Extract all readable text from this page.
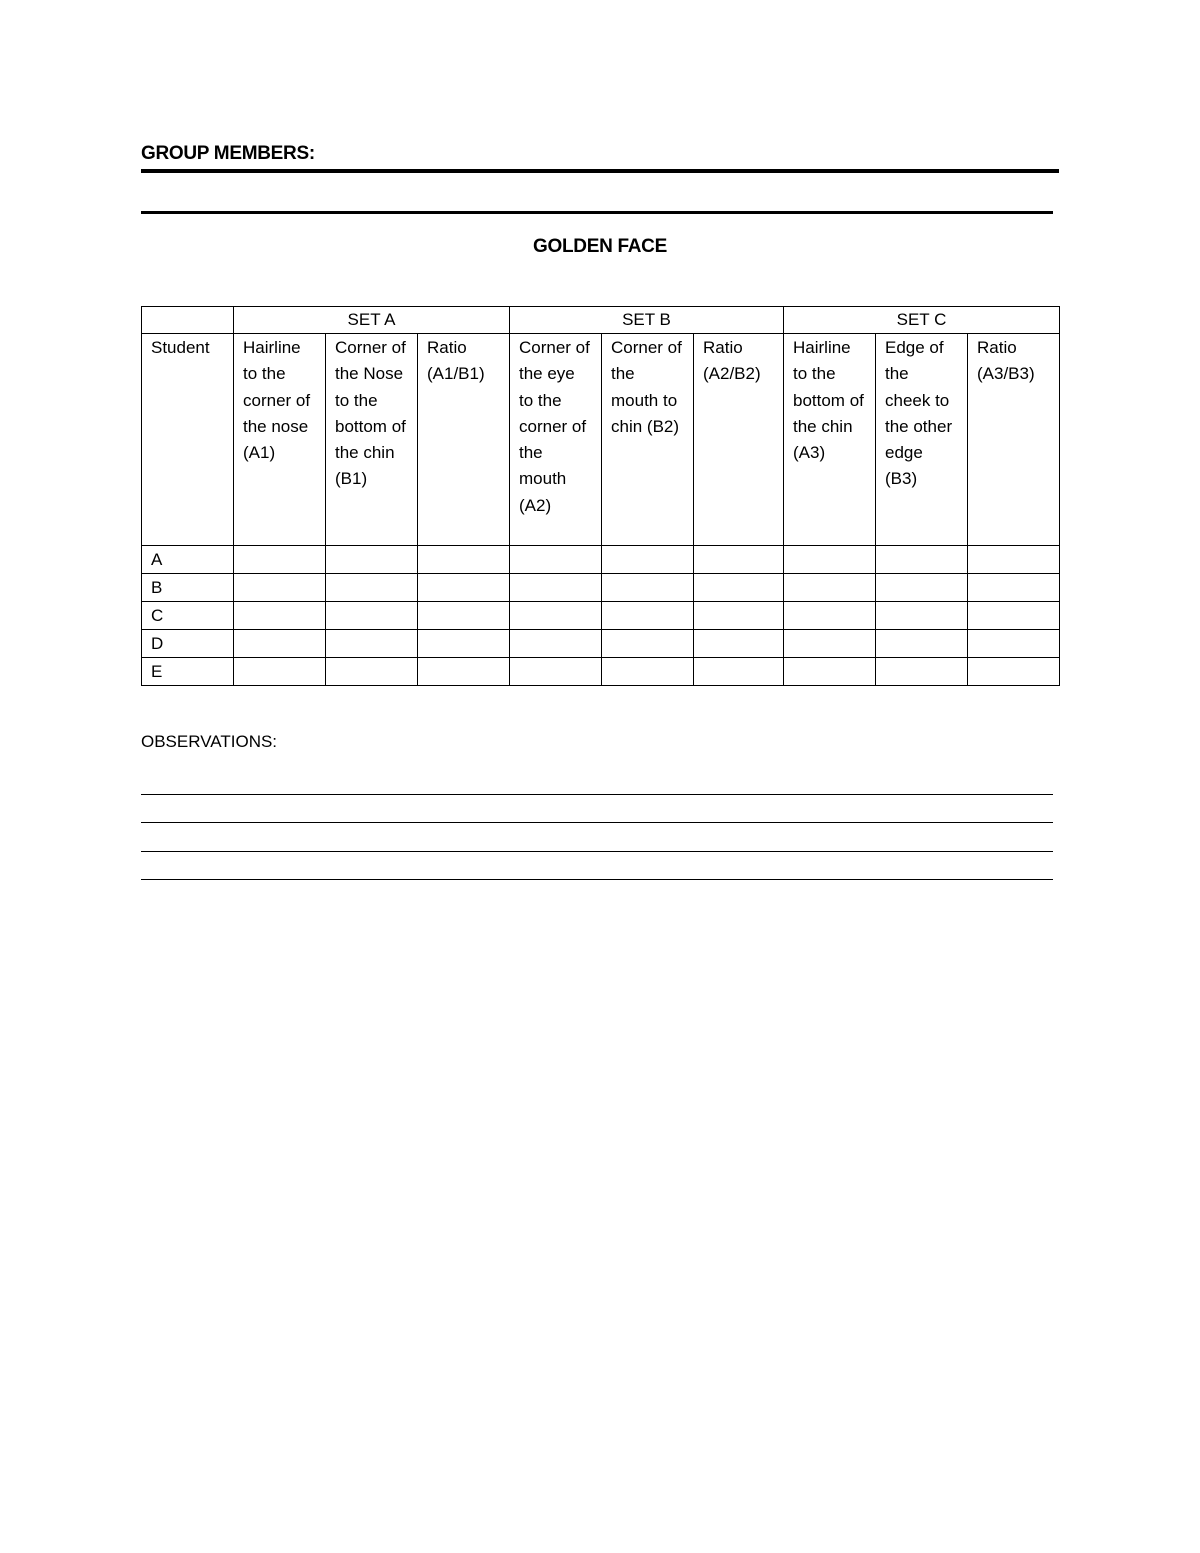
GROUP MEMBERS:
GOLDEN FACE
	SET A			SET B			SET C		
Student	Hairline to the corner of the nose (A1)	Corner of the Nose to the bottom of the chin (B1)	Ratio (A1/B1)	Corner of the eye to the corner of the mouth (A2)	Corner of the mouth to chin (B2)	Ratio (A2/B2)	Hairline to the bottom of the chin (A3)	Edge of the cheek to the other edge (B3)	Ratio (A3/B3)
A									
B									
C									
D									
E									
OBSERVATIONS:
